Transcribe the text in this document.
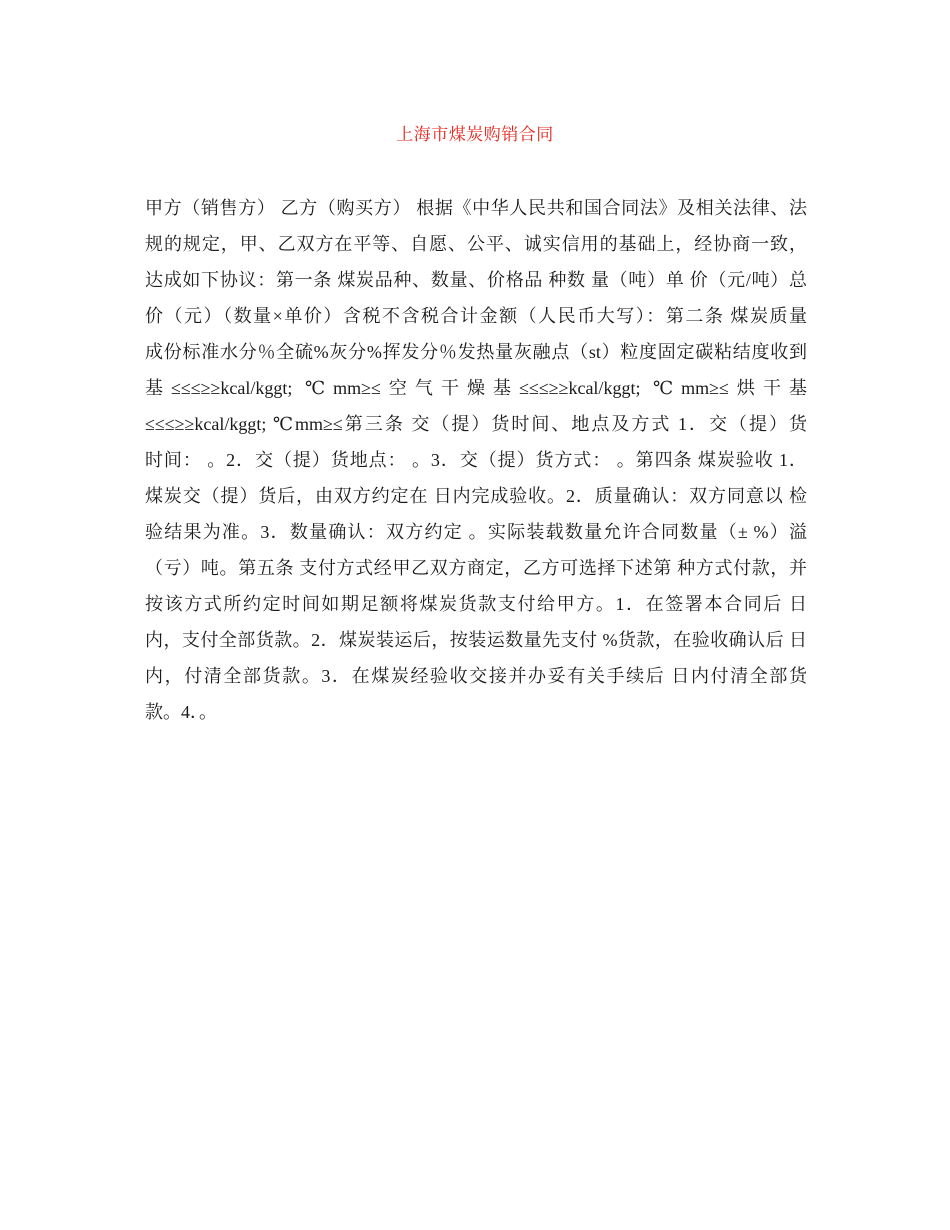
上海市煤炭购销合同
甲方（销售方） 乙方（购买方） 根据《中华人民共和国合同法》及相关法律、法
规的规定，甲、乙双方在平等、自愿、公平、诚实信用的基础上，经协商一致，
达成如下协议：第一条 煤炭品种、数量、价格品 种数 量（吨）单 价（元/吨）总
价（元）（数量×单价）含税不含税合计金额（人民币大写）：第二条 煤炭质量
成份标准水分％全硫%灰分%挥发分％发热量灰融点（st）粒度固定碳粘结度收到
基≤≤≤≥≥kcal/kggt; ℃mm≥≤空气干燥基≤≤≤≥≥kcal/kggt; ℃mm≥≤烘干基
≤≤≤≥≥kcal/kggt; ℃mm≥≤第三条 交（提）货时间、地点及方式 1．交（提）货
时间： 。2．交（提）货地点： 。3．交（提）货方式： 。第四条 煤炭验收 1．
煤炭交（提）货后，由双方约定在 日内完成验收。2．质量确认：双方同意以 检
验结果为准。3．数量确认：双方约定 。实际装载数量允许合同数量（± %）溢
（亏）吨。第五条 支付方式经甲乙双方商定，乙方可选择下述第 种方式付款，并
按该方式所约定时间如期足额将煤炭货款支付给甲方。1．在签署本合同后 日
内，支付全部货款。2．煤炭装运后，按装运数量先支付 %货款，在验收确认后 日
内，付清全部货款。3．在煤炭经验收交接并办妥有关手续后 日内付清全部货
款。4．。
